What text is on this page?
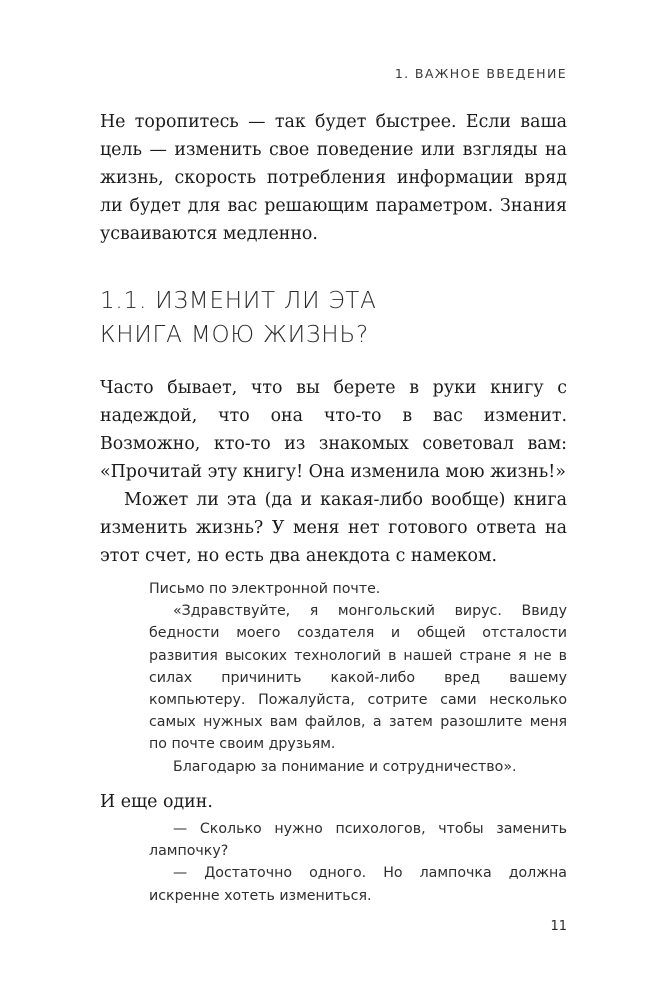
1. ВАЖНОЕ ВВЕДЕНИЕ

Не торопитесь — так будет быстрее. Если ваша цель — изменить свое поведение или взгляды на жизнь, скорость потребления информации вряд ли будет для вас решающим параметром. Знания усваиваются медленно.

1.1. ИЗМЕНИТ ЛИ ЭТА
КНИГА МОЮ ЖИЗНЬ?

Часто бывает, что вы берете в руки книгу с надеждой, что она что-то в вас изменит. Возможно, кто-то из знакомых советовал вам: «Прочитай эту книгу! Она изменила мою жизнь!»

Может ли эта (да и какая-либо вообще) книга изменить жизнь? У меня нет готового ответа на этот счет, но есть два анекдота с намеком.

Письмо по электронной почте.

«Здравствуйте, я монгольский вирус. Ввиду бедности моего создателя и общей отсталости развития высоких технологий в нашей стране я не в силах причинить какой-либо вред вашему компьютеру. Пожалуйста, сотрите сами несколько самых нужных вам файлов, а затем разошлите меня по почте своим друзьям.

Благодарю за понимание и сотрудничество».

И еще один.

— Сколько нужно психологов, чтобы заменить лампочку?

— Достаточно одного. Но лампочка должна искренне хотеть измениться.

11
